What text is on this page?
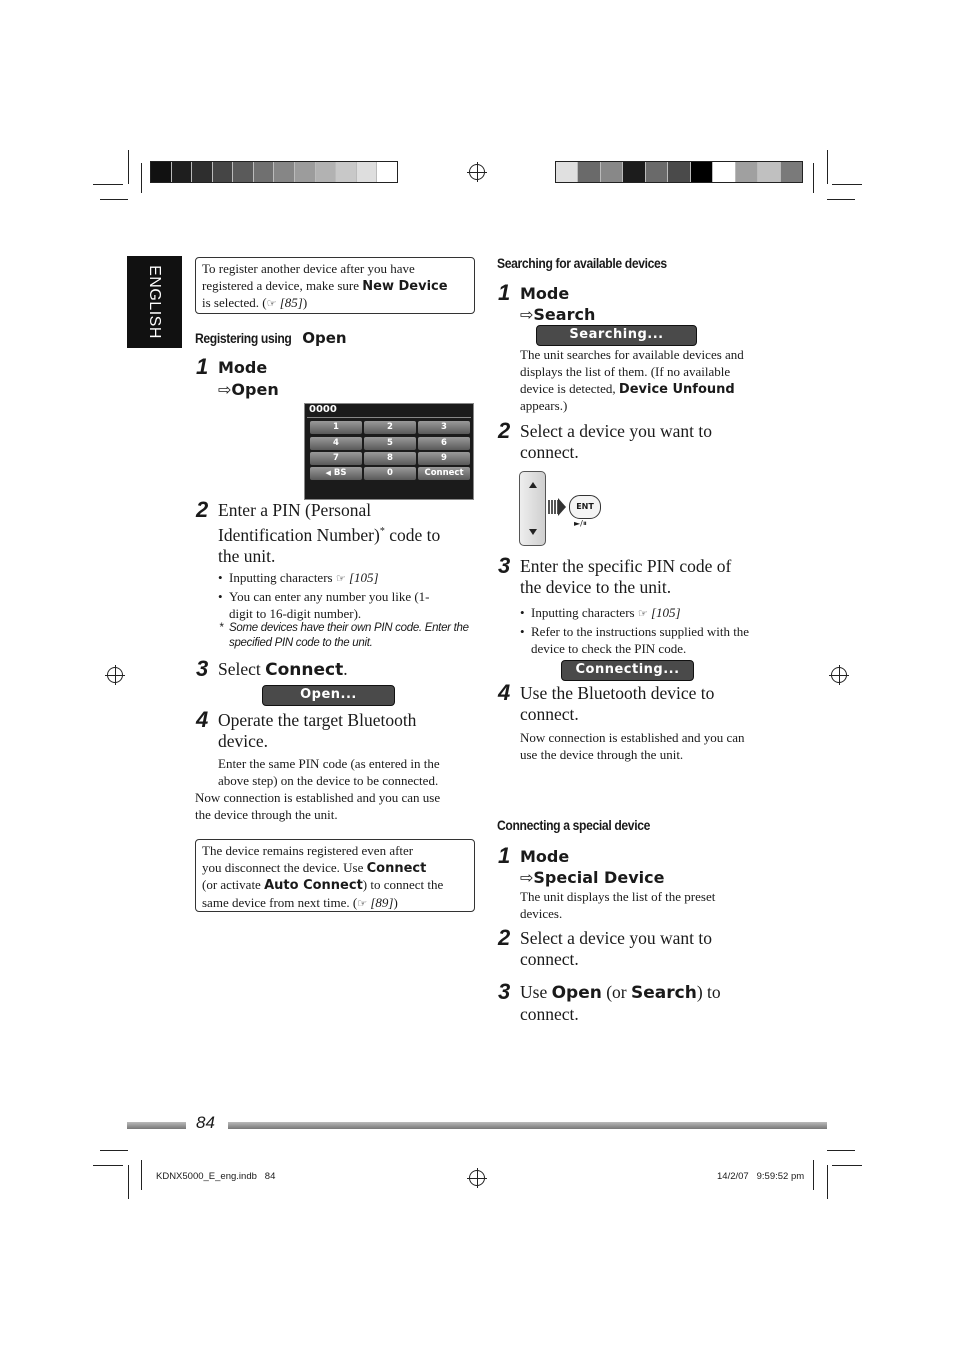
ENGLISH	To register another device after you have
registered a device, make sure New Device
is selected. (☞ [85])
Registering usingOpen
1 Mode
⇨Open
0000
1	2	3
4	5	6
7	8	9
◀ BS	0	Connect
2 Enter a PIN (Personal
Identification Number)* code to
the unit.
• Inputting characters ☞ [105]
• You can enter any number you like (1-
digit to 16-digit number).
* Some devices have their own PIN code. Enter the
specified PIN code to the unit.
3 Select Connect.
Open...
4 Operate the target Bluetooth
device.
Enter the same PIN code (as entered in the
above step) on the device to be connected.
Now connection is established and you can use
the device through the unit.
The device remains registered even after
you disconnect the device. Use Connect
(or activate Auto Connect) to connect the
same device from next time. (☞ [89])
Searching for available devices
1 Mode
⇨Search
Searching...
The unit searches for available devices and
displays the list of them. (If no available
device is detected, Device Unfound
appears.)
2 Select a device you want to
connect.
ENT
►/⏸
3 Enter the specific PIN code of
the device to the unit.
• Inputting characters ☞ [105]
• Refer to the instructions supplied with the
device to check the PIN code.
Connecting...
4 Use the Bluetooth device to
connect.
Now connection is established and you can
use the device through the unit.
Connecting a special device
1 Mode
⇨Special Device
The unit displays the list of the preset
devices.
2 Select a device you want to
connect.
3 Use Open (or Search) to
connect.
84
KDNX5000_E_eng.indb   84	14/2/07   9:59:52 pm
